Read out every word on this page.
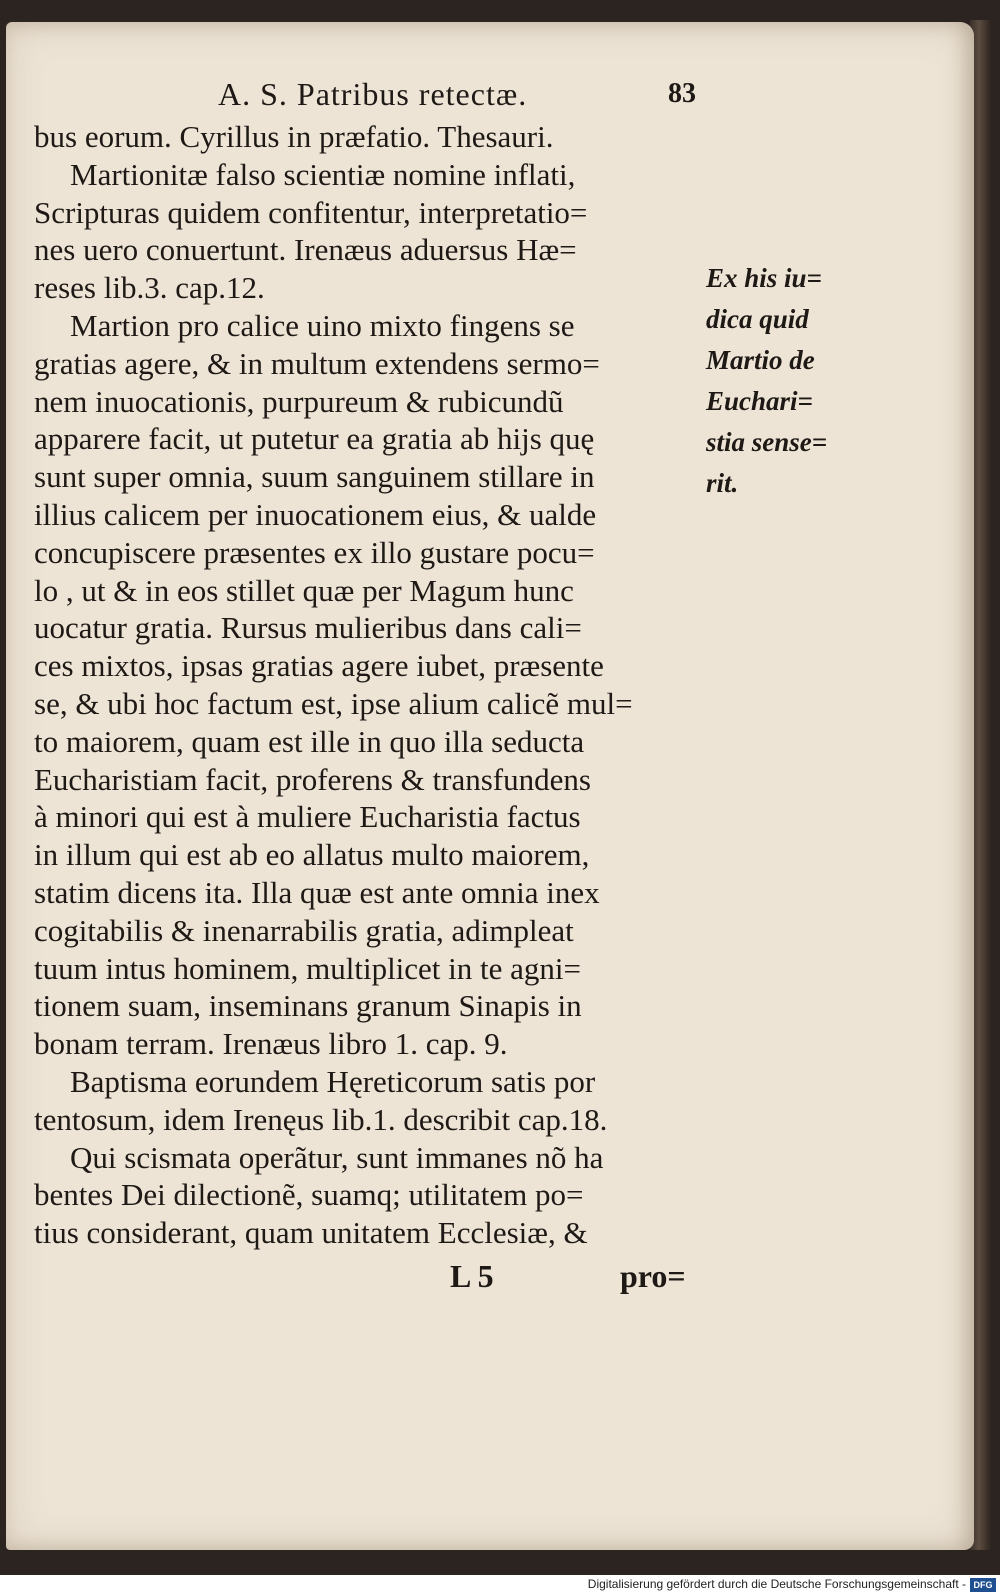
A. S. Patribus retectæ.	83
bus eorum. Cyrillus in præfatio. Thesauri.
Martionitæ falso scientiæ nomine inflati,
Scripturas quidem confitentur, interpretatio=
nes uero conuertunt. Irenæus aduersus Hæ=
reses lib.3. cap.12.
Martion pro calice uino mixto fingens se
gratias agere, & in multum extendens sermo=
nem inuocationis, purpureum & rubicundũ
apparere facit, ut putetur ea gratia ab hijs quę
sunt super omnia, suum sanguinem stillare in
illius calicem per inuocationem eius, & ualde
concupiscere præsentes ex illo gustare pocu=
lo , ut & in eos stillet quæ per Magum hunc
uocatur gratia. Rursus mulieribus dans cali=
ces mixtos, ipsas gratias agere iubet, præsente
se, & ubi hoc factum est, ipse alium calicẽ mul=
to maiorem, quam est ille in quo illa seducta
Eucharistiam facit, proferens & transfundens
à minori qui est à muliere Eucharistia factus
in illum qui est ab eo allatus multo maiorem,
statim dicens ita. Illa quæ est ante omnia inex
cogitabilis & inenarrabilis gratia, adimpleat
tuum intus hominem, multiplicet in te agni=
tionem suam, inseminans granum Sinapis in
bonam terram. Irenæus libro 1. cap. 9.
Baptisma eorundem Hęreticorum satis por
tentosum, idem Irenęus lib.1. describit cap.18.
Qui scismata operãtur, sunt immanes nõ ha
bentes Dei dilectionẽ, suamq; utilitatem po=
tius considerant, quam unitatem Ecclesiæ, &
Ex his iu=
dica quid
Martio de
Euchari=
stia sense=
rit.
L 5	pro=
Digitalisierung gefördert durch die Deutsche Forschungsgemeinschaft - DFG
